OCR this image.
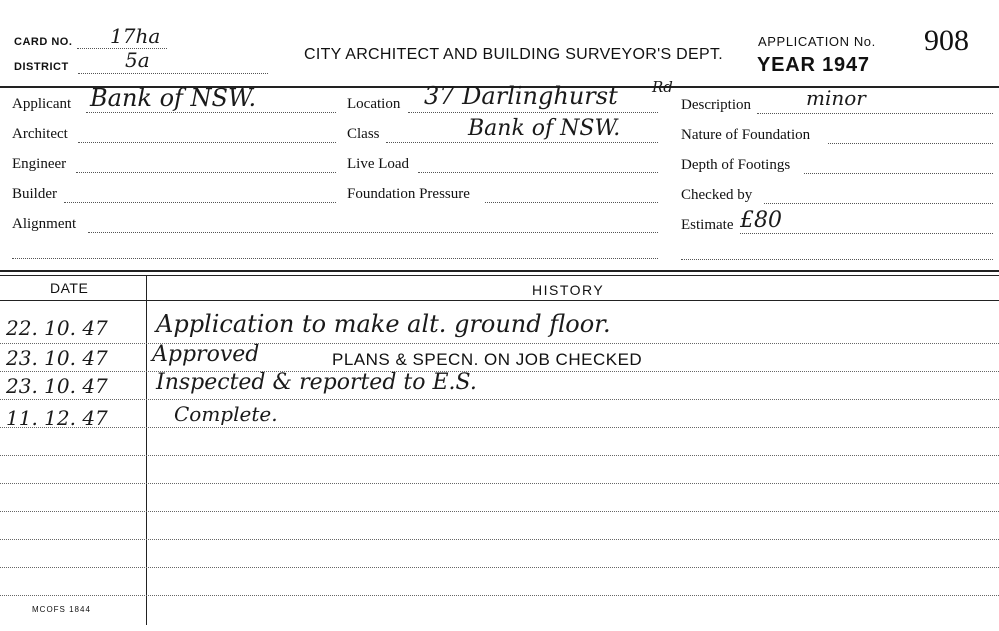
CARD NO. 17ha
DISTRICT	5a	CITY ARCHITECT AND BUILDING SURVEYOR'S DEPT.
APPLICATION No. 908
YEAR 1947
Applicant Bank of NSW.
Architect
Engineer
Builder
Alignment
Location 37 Darlinghurst Rd
Class	Bank of NSW.
Live Load
Foundation Pressure
Description	minor
Nature of Foundation
Depth of Footings
Checked by
Estimate £80
DATE	HISTORY
22. 10. 47 Application to make alt. ground floor.
23. 10. 47 Approved	PLANS & SPECN. ON JOB CHECKED
23. 10. 47 Inspected & reported to E.S.
11. 12. 47	Complete.
MCOFS 1844
